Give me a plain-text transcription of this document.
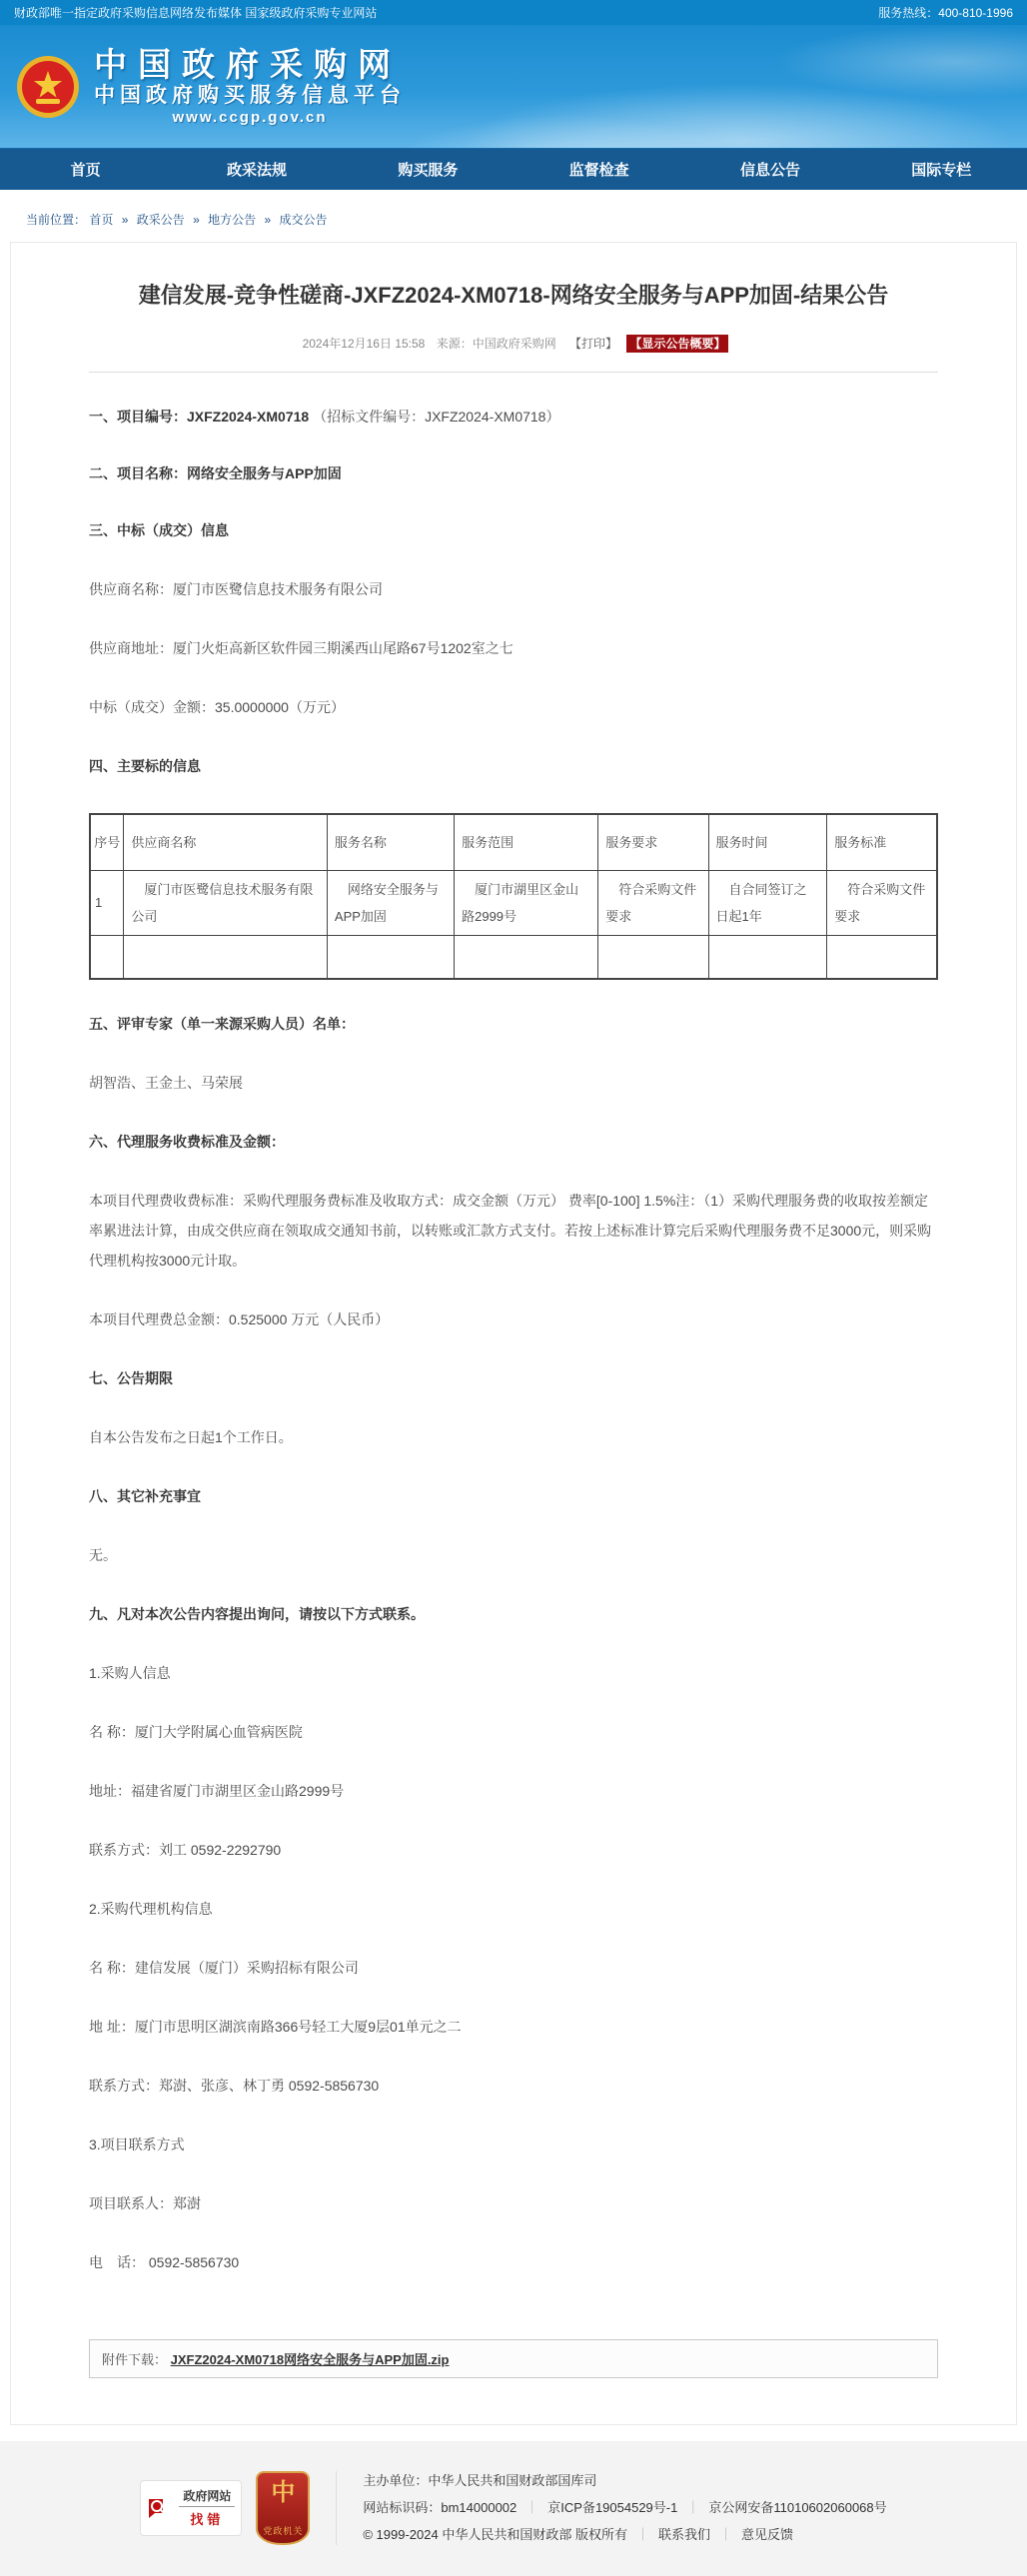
财政部唯一指定政府采购信息网络发布媒体 国家级政府采购专业网站	服务热线：400-810-1996
中国政府采购网
中国政府购买服务信息平台
www.ccgp.gov.cn
首页	政采法规	购买服务	监督检查	信息公告	国际专栏
当前位置： 首页 » 政采公告 » 地方公告 » 成交公告
建信发展-竞争性磋商-JXFZ2024-XM0718-网络安全服务与APP加固-结果公告
2024年12月16日 15:58 来源：中国政府采购网 【打印】 【显示公告概要】
一、项目编号：JXFZ2024-XM0718 （招标文件编号：JXFZ2024-XM0718）
二、项目名称：网络安全服务与APP加固
三、中标（成交）信息
供应商名称：厦门市医鹭信息技术服务有限公司
供应商地址：厦门火炬高新区软件园三期溪西山尾路67号1202室之七
中标（成交）金额：35.0000000（万元）
四、主要标的信息
序号	供应商名称	服务名称	服务范围	服务要求	服务时间	服务标准
1	厦门市医鹭信息技术服务有限公司	网络安全服务与APP加固	厦门市湖里区金山路2999号	符合采购文件要求	自合同签订之日起1年	符合采购文件要求

五、评审专家（单一来源采购人员）名单：
胡智浩、王金土、马荣展
六、代理服务收费标准及金额：
本项目代理费收费标准：采购代理服务费标准及收取方式：成交金额（万元） 费率[0-100] 1.5%注：（1）采购代理服务费的收取按差额定率累进法计算，由成交供应商在领取成交通知书前，以转账或汇款方式支付。若按上述标准计算完后采购代理服务费不足3000元，则采购代理机构按3000元计取。
本项目代理费总金额：0.525000 万元（人民币）
七、公告期限
自本公告发布之日起1个工作日。
八、其它补充事宜
无。
九、凡对本次公告内容提出询问，请按以下方式联系。
1.采购人信息
名 称：厦门大学附属心血管病医院
地址：福建省厦门市湖里区金山路2999号
联系方式：刘工 0592-2292790
2.采购代理机构信息
名 称：建信发展（厦门）采购招标有限公司
地 址：厦门市思明区湖滨南路366号轻工大厦9层01单元之二
联系方式：郑澍、张彦、林丁勇 0592-5856730
3.项目联系方式
项目联系人：郑澍
电　话： 0592-5856730
附件下载： JXFZ2024-XM0718网络安全服务与APP加固.zip
政府网站
找错
中
党政机关
主办单位：中华人民共和国财政部国库司
网站标识码：bm14000002 ｜ 京ICP备19054529号-1 ｜ 京公网安备11010602060068号
© 1999-2024 中华人民共和国财政部 版权所有 ｜ 联系我们 ｜ 意见反馈
